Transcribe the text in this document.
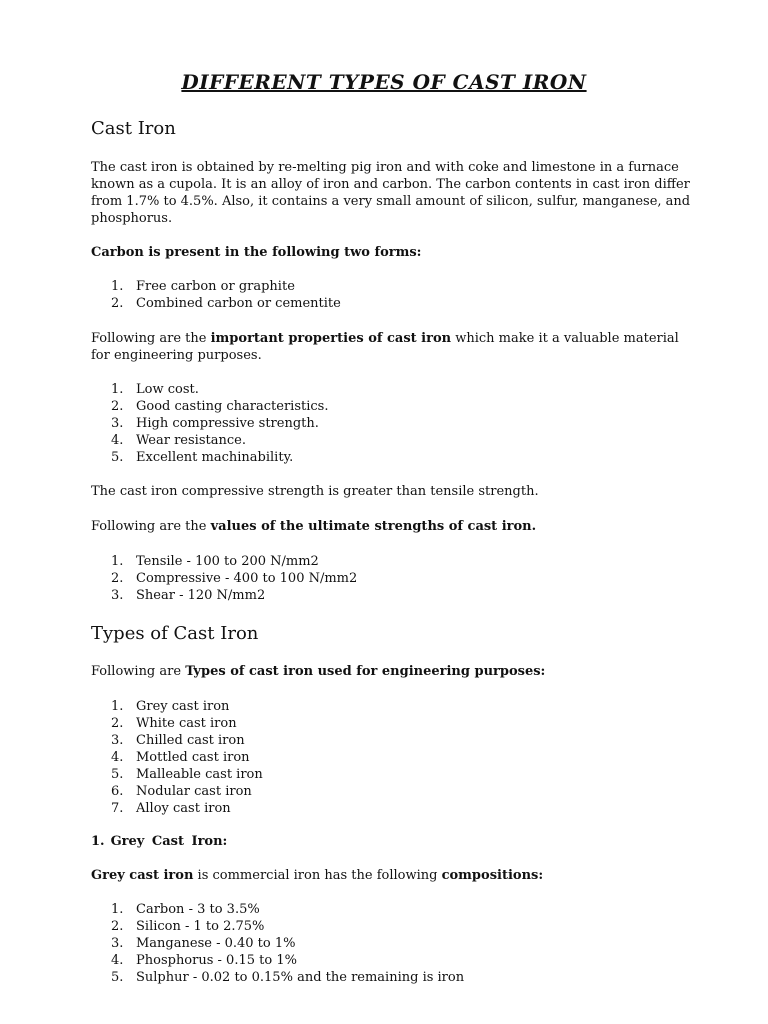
DIFFERENT TYPES OF CAST IRON
Cast Iron

The cast iron is obtained by re-melting pig iron and with coke and limestone in a furnace known as a cupola. It is an alloy of iron and carbon. The carbon contents in cast iron differ from 1.7% to 4.5%. Also, it contains a very small amount of silicon, sulfur, manganese, and phosphorus.

Carbon is present in the following two forms:

1. Free carbon or graphite
2. Combined carbon or cementite

Following are the important properties of cast iron which make it a valuable material for engineering purposes.

1. Low cost.
2. Good casting characteristics.
3. High compressive strength.
4. Wear resistance.
5. Excellent machinability.

The cast iron compressive strength is greater than tensile strength.

Following are the values of the ultimate strengths of cast iron.

1. Tensile - 100 to 200 N/mm2
2. Compressive - 400 to 100 N/mm2
3. Shear - 120 N/mm2
Types of Cast Iron

Following are Types of cast iron used for engineering purposes:

1. Grey cast iron
2. White cast iron
3. Chilled cast iron
4. Mottled cast iron
5. Malleable cast iron
6. Nodular cast iron
7. Alloy cast iron

1. Grey Cast Iron:

Grey cast iron is commercial iron has the following compositions:

1. Carbon - 3 to 3.5%
2. Silicon - 1 to 2.75%
3. Manganese - 0.40 to 1%
4. Phosphorus - 0.15 to 1%
5. Sulphur - 0.02 to 0.15% and the remaining is iron
